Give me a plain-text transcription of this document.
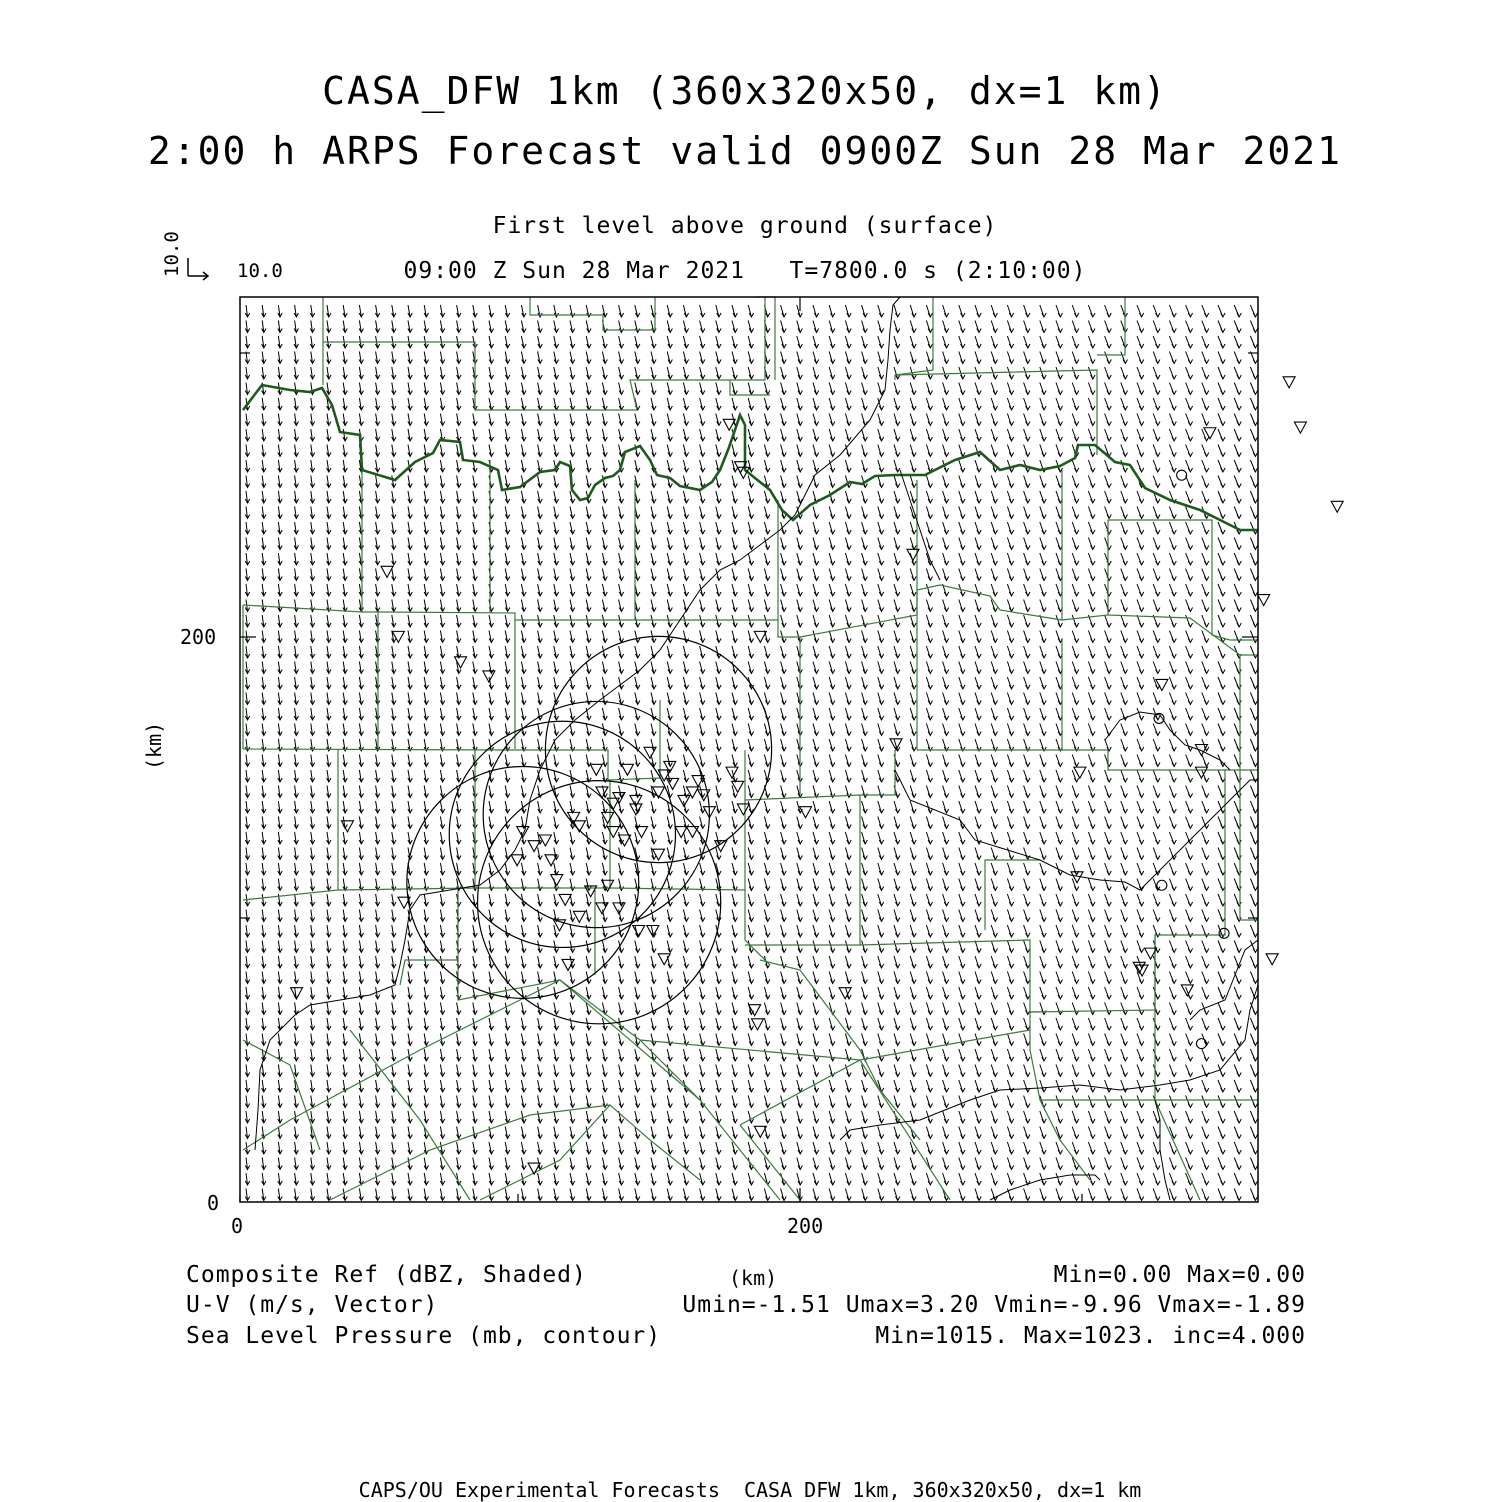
CASA_DFW 1km (360x320x50, dx=1 km)
2:00 h ARPS Forecast valid 0900Z Sun 28 Mar 2021
First level above ground (surface)
09:00 Z Sun 28 Mar 2021   T=7800.0 s (2:10:00)
10.0
10.0
200
0
0	200
(km)
(km)
Composite Ref (dBZ, Shaded)	Min=0.00 Max=0.00
U-V (m/s, Vector)	Umin=-1.51 Umax=3.20 Vmin=-9.96 Vmax=-1.89
Sea Level Pressure (mb, contour)	Min=1015. Max=1023. inc=4.000
CAPS/OU Experimental Forecasts  CASA DFW 1km, 360x320x50, dx=1 km
